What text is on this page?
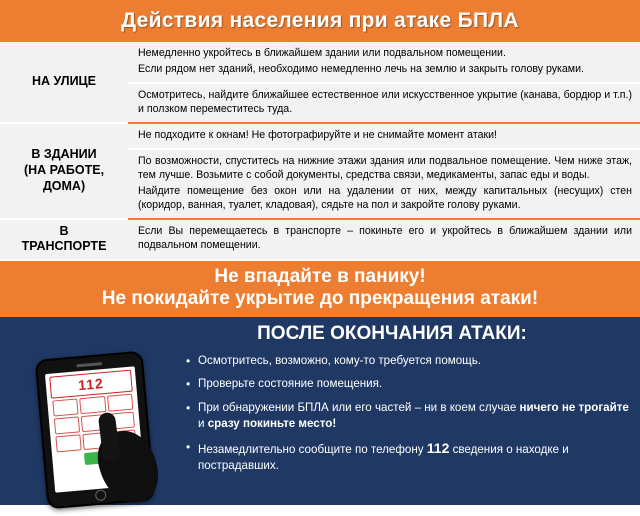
Действия населения при атаке БПЛА
НА УЛИЦЕ	Немедленно укройтесь в ближайшем здании или подвальном помещении.

Если рядом нет зданий, необходимо немедленно лечь на землю и закрыть голову руками.

	Осмотритесь, найдите ближайшее естественное или искусственное укрытие (канава, бордюр и т.п.) и ползком переместитесь туда.

В ЗДАНИИ
(НА РАБОТЕ,
ДОМА)	Не подходите к окнам! Не фотографируйте и не снимайте момент атаки!

	По возможности, спуститесь на нижние этажи здания или подвальное помещение. Чем ниже этаж, тем лучше. Возьмите с собой документы, средства связи, медикаменты, запас еды и воды.

Найдите помещение без окон или на удалении от них, между капитальных (несущих) стен (коридор, ванная, туалет, кладовая), сядьте на пол и закройте голову руками.

В
ТРАНСПОРТЕ	Если Вы перемещаетесь в транспорте – покиньте его и укройтесь в ближайшем здании или подвальном помещении.

Не впадайте в панику!
Не покидайте укрытие до прекращения атаки!
ПОСЛЕ ОКОНЧАНИЯ АТАКИ:
112
• Осмотритесь, возможно, кому-то требуется помощь.
• Проверьте состояние помещения.
• При обнаружении БПЛА или его частей – ни в коем случае ничего не трогайте и сразу покиньте место!
• Незамедлительно сообщите по телефону 112 сведения о находке и пострадавших.
